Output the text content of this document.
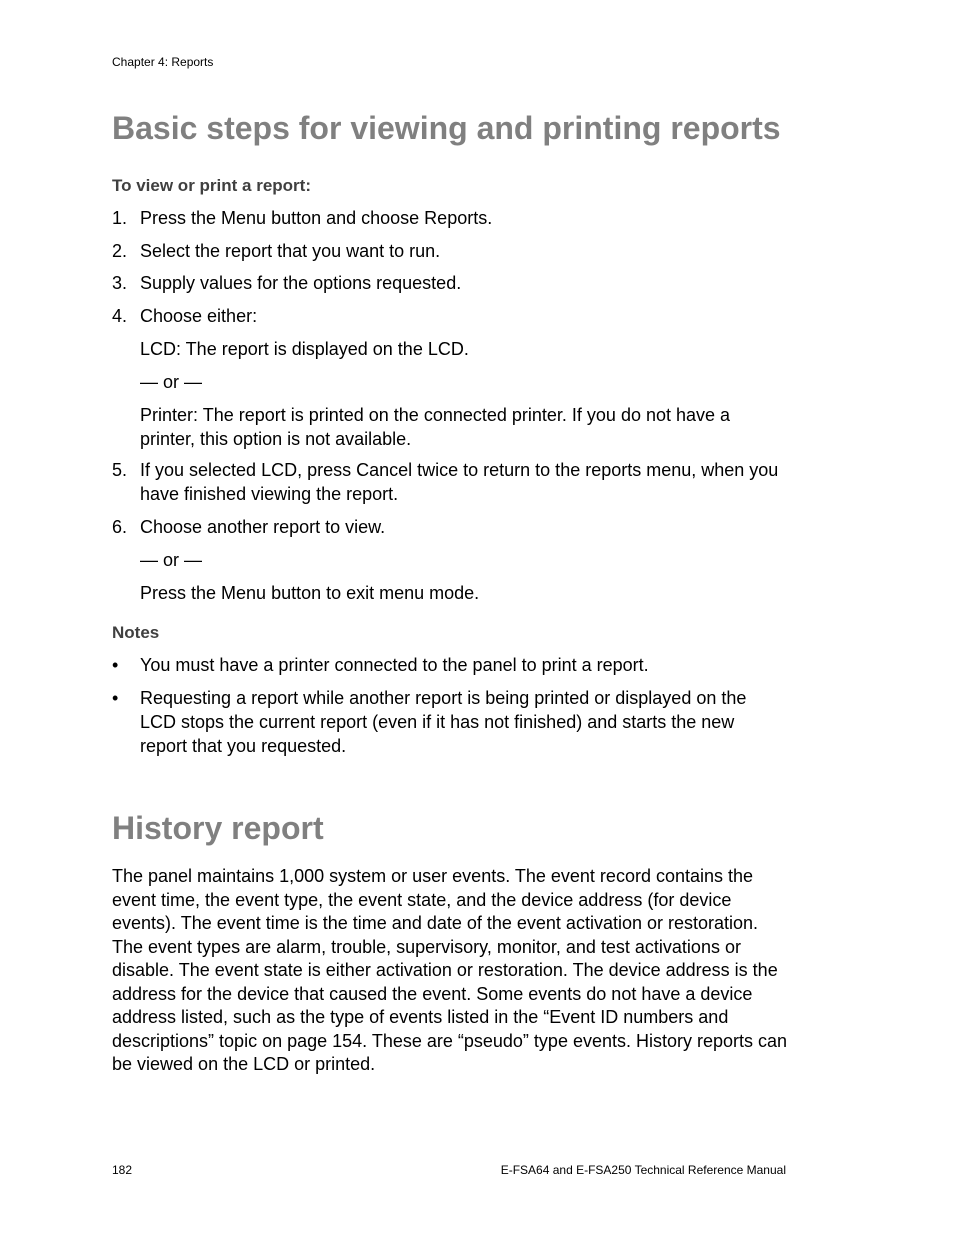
Chapter 4: Reports
Basic steps for viewing and printing reports

To view or print a report:

1. Press the Menu button and choose Reports.
2. Select the report that you want to run.
3. Supply values for the options requested.
4. Choose either:
LCD: The report is displayed on the LCD.
— or —
Printer: The report is printed on the connected printer. If you do not have a printer, this option is not available.
5. If you selected LCD, press Cancel twice to return to the reports menu, when you have finished viewing the report.
6. Choose another report to view.
— or —
Press the Menu button to exit menu mode.

Notes

• You must have a printer connected to the panel to print a report.
• Requesting a report while another report is being printed or displayed on the LCD stops the current report (even if it has not finished) and starts the new report that you requested.
History report

The panel maintains 1,000 system or user events. The event record contains the event time, the event type, the event state, and the device address (for device events). The event time is the time and date of the event activation or restoration. The event types are alarm, trouble, supervisory, monitor, and test activations or disable. The event state is either activation or restoration. The device address is the address for the device that caused the event. Some events do not have a device address listed, such as the type of events listed in the “Event ID numbers and descriptions” topic on page 154. These are “pseudo” type events. History reports can be viewed on the LCD or printed.

182	E-FSA64 and E-FSA250 Technical Reference Manual
